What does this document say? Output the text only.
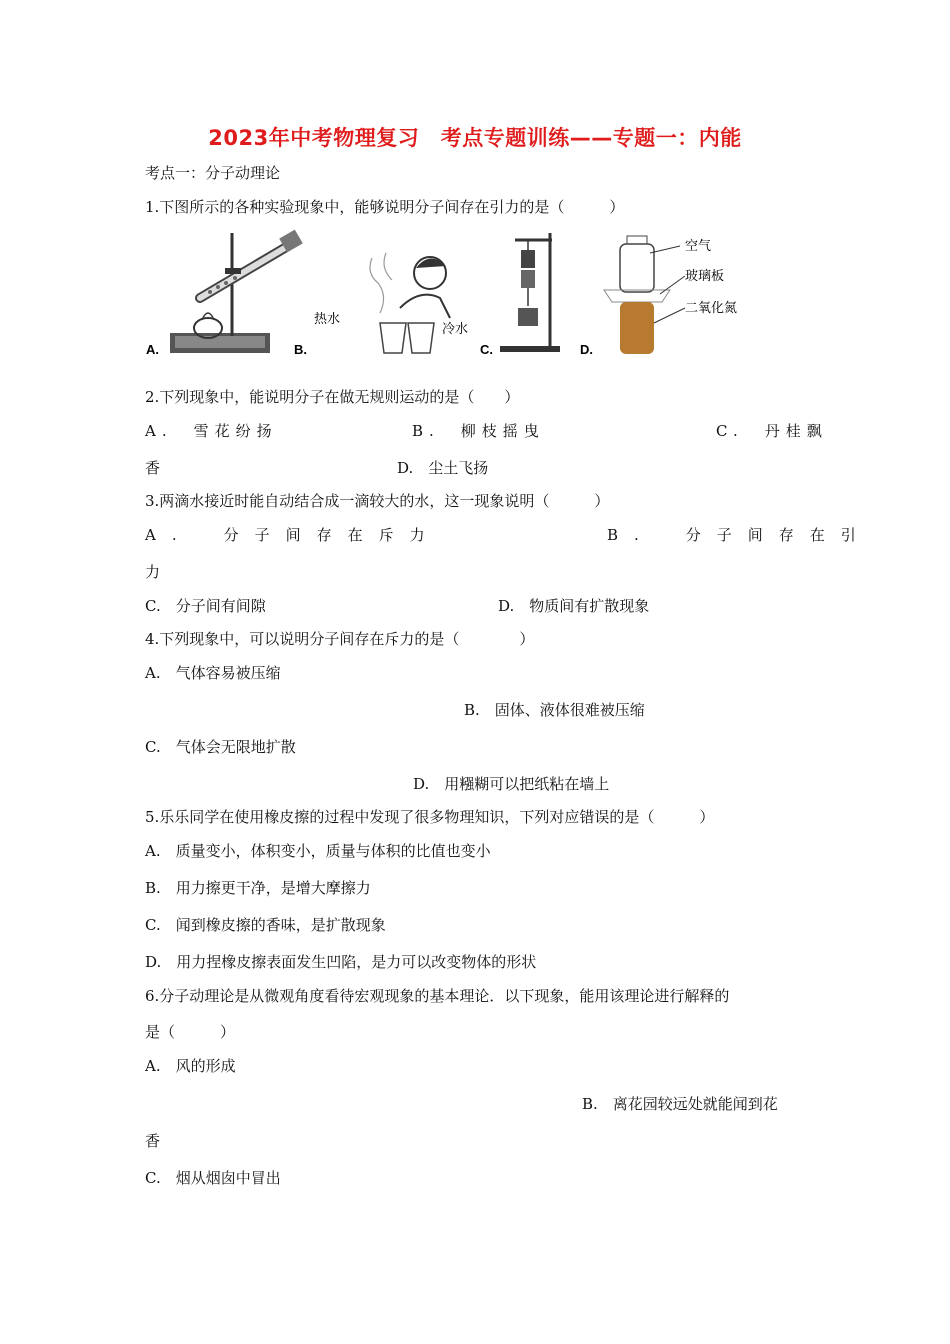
2023年中考物理复习　考点专题训练——专题一：内能
考点一：分子动理论
1.下图所示的各种实验现象中，能够说明分子间存在引力的是（　　　）
A.	B.
热水
冷水
C.	D.
空气
玻璃板
二氧化氮
2.下列现象中，能说明分子在做无规则运动的是（　　）
A.　雪花纷扬	B.　柳枝摇曳	C.　丹桂飘
香	D.　尘土飞扬
3.两滴水接近时能自动结合成一滴较大的水，这一现象说明（　　　）
A.　分子间存在斥力	B.　分子间存在引
力
C.　分子间有间隙	D.　物质间有扩散现象
4.下列现象中，可以说明分子间存在斥力的是（　　　　）
A.　气体容易被压缩
B.　固体、液体很难被压缩
C.　气体会无限地扩散
D.　用糨糊可以把纸粘在墙上
5.乐乐同学在使用橡皮擦的过程中发现了很多物理知识，下列对应错误的是（　　　）
A.　质量变小，体积变小，质量与体积的比值也变小
B.　用力擦更干净，是增大摩擦力
C.　闻到橡皮擦的香味，是扩散现象
D.　用力捏橡皮擦表面发生凹陷，是力可以改变物体的形状
6.分子动理论是从微观角度看待宏观现象的基本理论．以下现象，能用该理论进行解释的
是（　　　）
A.　风的形成
B.　离花园较远处就能闻到花
香
C.　烟从烟囱中冒出
